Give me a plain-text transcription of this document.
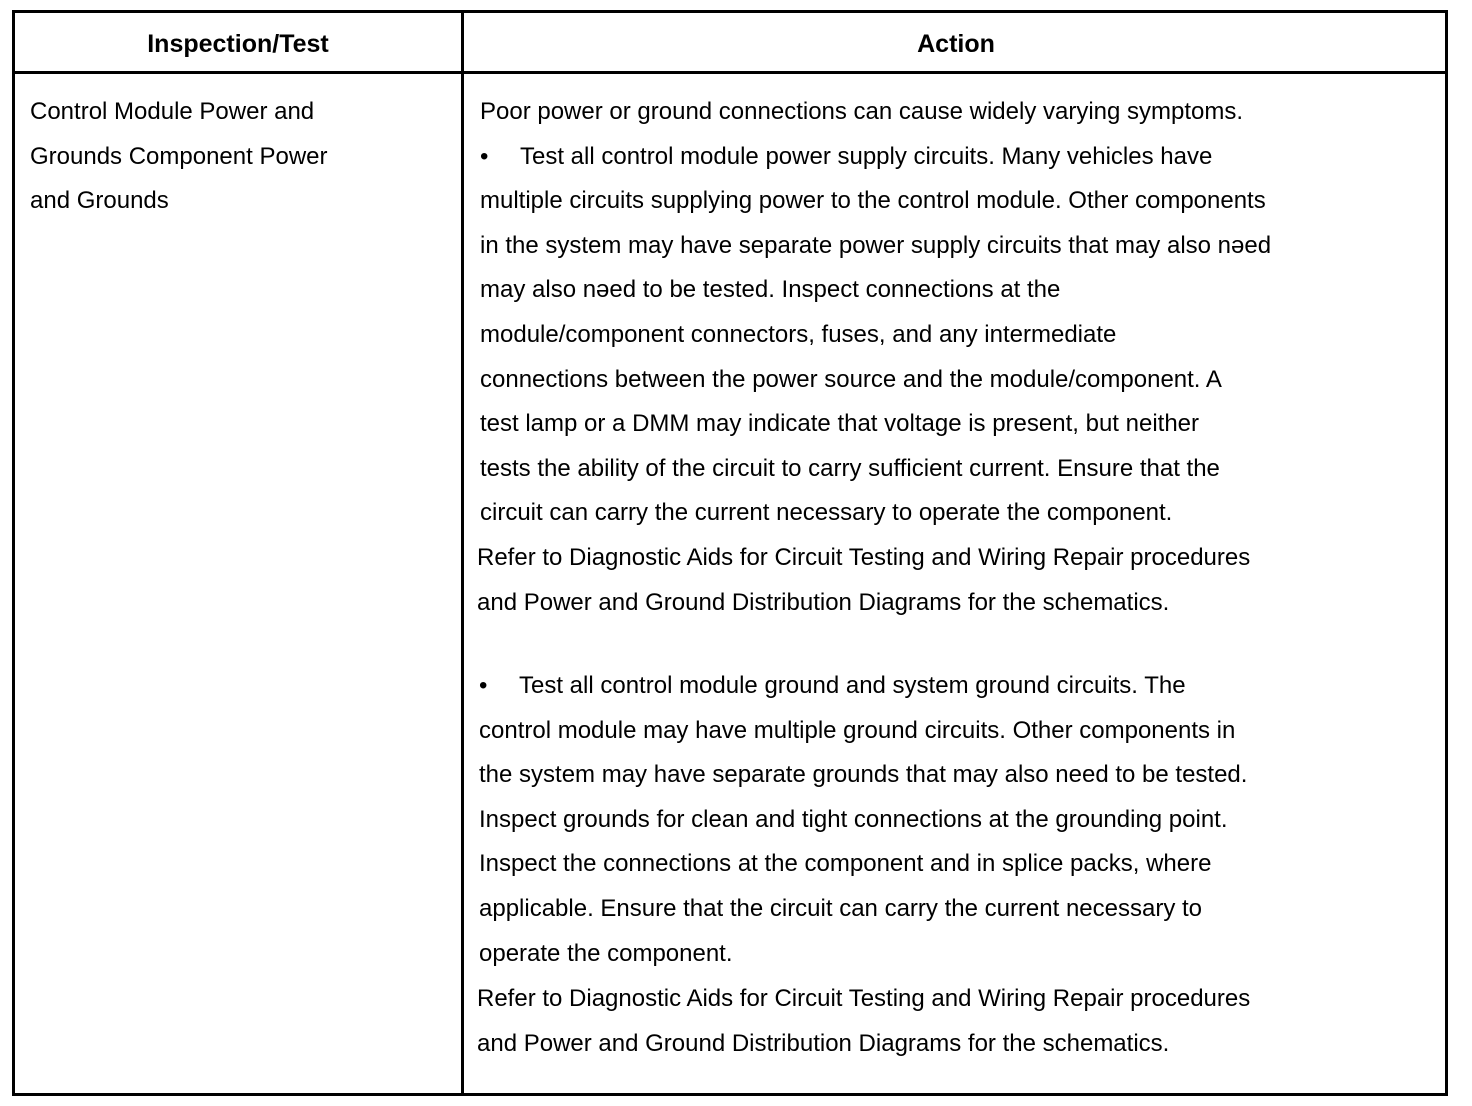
Inspection/Test	Action
Control Module Power and
Grounds Component Power
and Grounds
Poor power or ground connections can cause widely varying symptoms.
• Test all control module power supply circuits. Many vehicles have
multiple circuits supplying power to the control module. Other components
in the system may have separate power supply circuits that may also nəed
may also nəed to be tested. Inspect connections at the
module/component connectors, fuses, and any intermediate
connections between the power source and the module/component. A
test lamp or a DMM may indicate that voltage is present, but neither
tests the ability of the circuit to carry sufficient current. Ensure that the
circuit can carry the current necessary to operate the component.
Refer to Diagnostic Aids for Circuit Testing and Wiring Repair procedures
and Power and Ground Distribution Diagrams for the schematics.
• Test all control module ground and system ground circuits. The
control module may have multiple ground circuits. Other components in
the system may have separate grounds that may also need to be tested.
Inspect grounds for clean and tight connections at the grounding point.
Inspect the connections at the component and in splice packs, where
applicable. Ensure that the circuit can carry the current necessary to
operate the component.
Refer to Diagnostic Aids for Circuit Testing and Wiring Repair procedures
and Power and Ground Distribution Diagrams for the schematics.
